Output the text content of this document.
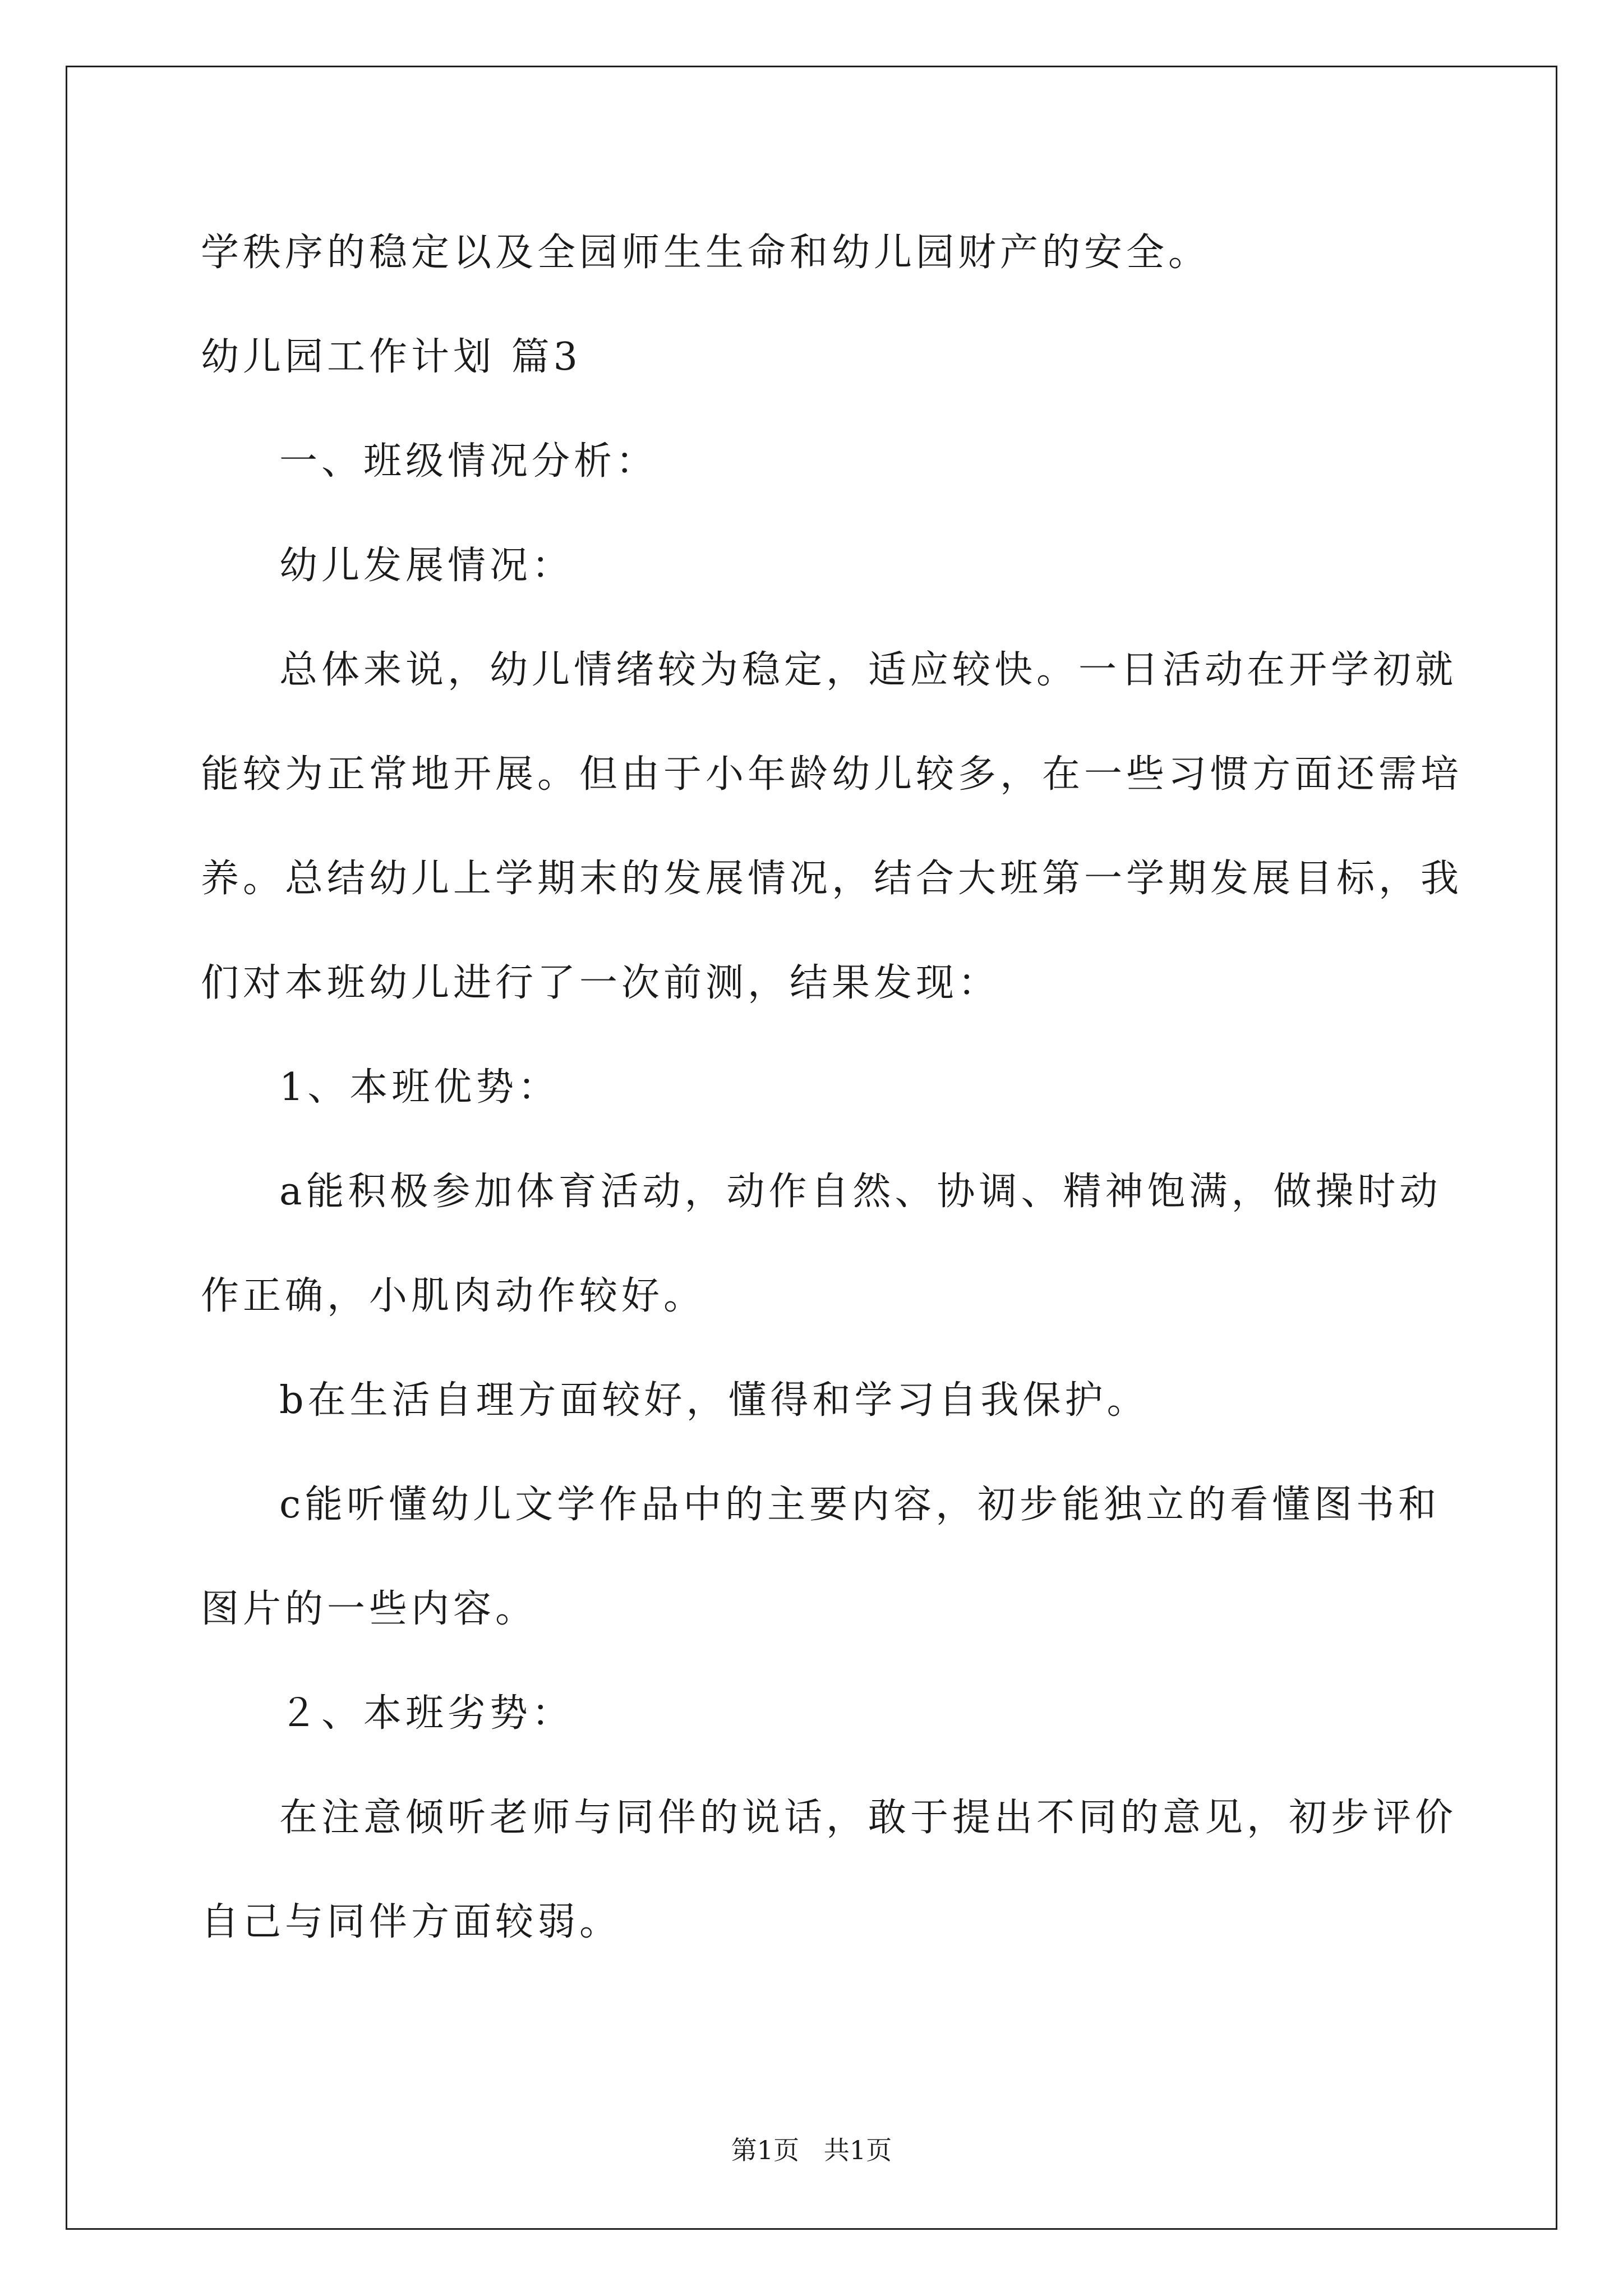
学秩序的稳定以及全园师生生命和幼儿园财产的安全。
幼儿园工作计划 篇3
一、班级情况分析：
幼儿发展情况：
总体来说，幼儿情绪较为稳定，适应较快。一日活动在开学初就
能较为正常地开展。但由于小年龄幼儿较多，在一些习惯方面还需培
养。总结幼儿上学期末的发展情况，结合大班第一学期发展目标，我
们对本班幼儿进行了一次前测，结果发现：
1、本班优势：
a能积极参加体育活动，动作自然、协调、精神饱满，做操时动
作正确，小肌肉动作较好。
b在生活自理方面较好，懂得和学习自我保护。
c能听懂幼儿文学作品中的主要内容，初步能独立的看懂图书和
图片的一些内容。
２、本班劣势：
在注意倾听老师与同伴的说话，敢于提出不同的意见，初步评价
自己与同伴方面较弱。
第1页   共1页
